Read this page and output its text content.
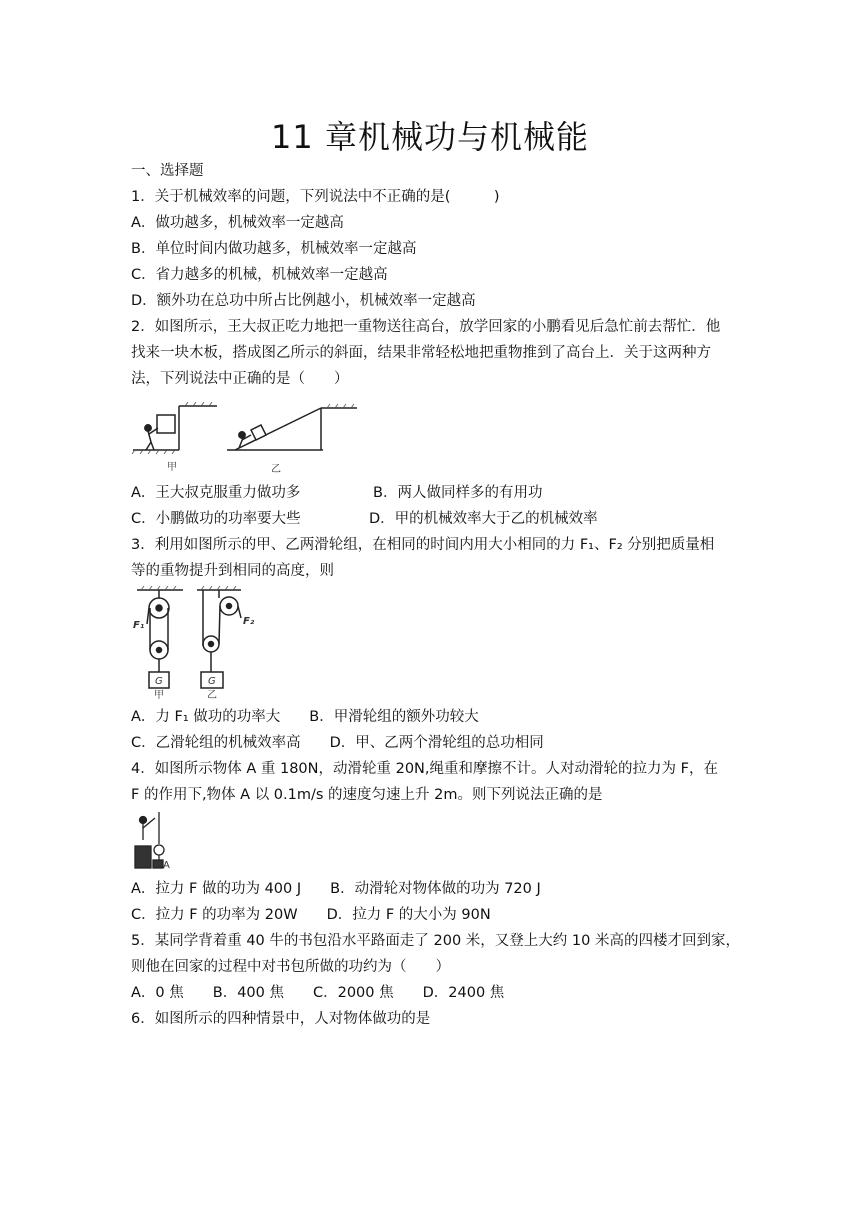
11 章机械功与机械能
一、选择题
1．关于机械效率的问题，下列说法中不正确的是(　　　)
A．做功越多，机械效率一定越高
B．单位时间内做功越多，机械效率一定越高
C．省力越多的机械，机械效率一定越高
D．额外功在总功中所占比例越小，机械效率一定越高
2．如图所示，王大叔正吃力地把一重物送往高台，放学回家的小鹏看见后急忙前去帮忙．他
找来一块木板，搭成图乙所示的斜面，结果非常轻松地把重物推到了高台上．关于这两种方
法，下列说法中正确的是（　　）
甲	乙
A．王大叔克服重力做功多	B．两人做同样多的有用功
C．小鹏做功的功率要大些	D．甲的机械效率大于乙的机械效率
3．利用如图所示的甲、乙两滑轮组，在相同的时间内用大小相同的力 F₁、F₂ 分别把质量相
等的重物提升到相同的高度，则
F₁	F₂
G	G
甲	乙
A．力 F₁ 做功的功率大　　B．甲滑轮组的额外功较大
C．乙滑轮组的机械效率高　　D．甲、乙两个滑轮组的总功相同
4．如图所示物体 A 重 180N，动滑轮重 20N,绳重和摩擦不计。人对动滑轮的拉力为 F，在
F 的作用下,物体 A 以 0.1m/s 的速度匀速上升 2m。则下列说法正确的是
A
A．拉力 F 做的功为 400 J　　B．动滑轮对物体做的功为 720 J
C．拉力 F 的功率为 20W　　D．拉力 F 的大小为 90N
5．某同学背着重 40 牛的书包沿水平路面走了 200 米，又登上大约 10 米高的四楼才回到家，
则他在回家的过程中对书包所做的功约为（　　）
A．0 焦　　B．400 焦　　C．2000 焦　　D．2400 焦
6．如图所示的四种情景中，人对物体做功的是
